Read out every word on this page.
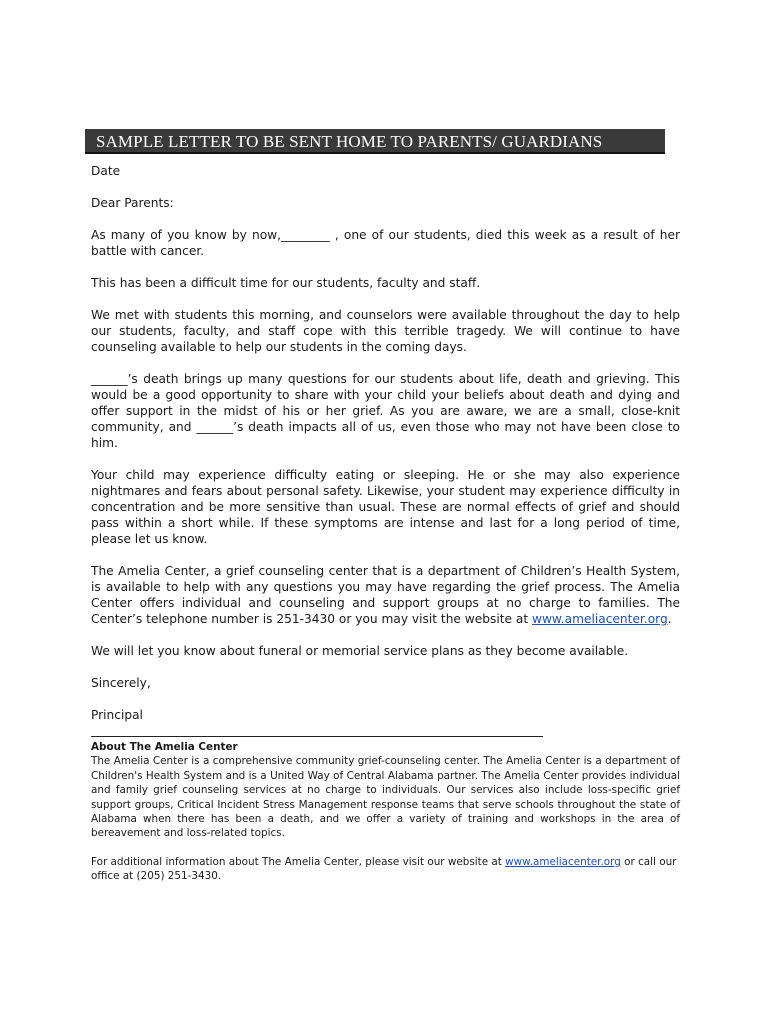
SAMPLE LETTER TO BE SENT HOME TO PARENTS/ GUARDIANS

Date

Dear Parents:

As many of you know by now,________ , one of our students, died this week as a result of her battle with cancer.

This has been a difficult time for our students, faculty and staff.

We met with students this morning, and counselors were available throughout the day to help our students, faculty, and staff cope with this terrible tragedy. We will continue to have counseling available to help our students in the coming days.

______’s death brings up many questions for our students about life, death and grieving. This would be a good opportunity to share with your child your beliefs about death and dying and offer support in the midst of his or her grief. As you are aware, we are a small, close-knit community, and ______’s death impacts all of us, even those who may not have been close to him.

Your child may experience difficulty eating or sleeping. He or she may also experience nightmares and fears about personal safety. Likewise, your student may experience difficulty in concentration and be more sensitive than usual. These are normal effects of grief and should pass within a short while. If these symptoms are intense and last for a long period of time, please let us know.

The Amelia Center, a grief counseling center that is a department of Children’s Health System, is available to help with any questions you may have regarding the grief process. The Amelia Center offers individual and counseling and support groups at no charge to families. The Center’s telephone number is 251-3430 or you may visit the website at www.ameliacenter.org.

We will let you know about funeral or memorial service plans as they become available.

Sincerely,

Principal

About The Amelia Center

The Amelia Center is a comprehensive community grief-counseling center. The Amelia Center is a department of Children's Health System and is a United Way of Central Alabama partner. The Amelia Center provides individual and family grief counseling services at no charge to individuals. Our services also include loss-specific grief support groups, Critical Incident Stress Management response teams that serve schools throughout the state of Alabama when there has been a death, and we offer a variety of training and workshops in the area of bereavement and loss-related topics.

For additional information about The Amelia Center, please visit our website at www.ameliacenter.org or call our office at (205) 251-3430.
